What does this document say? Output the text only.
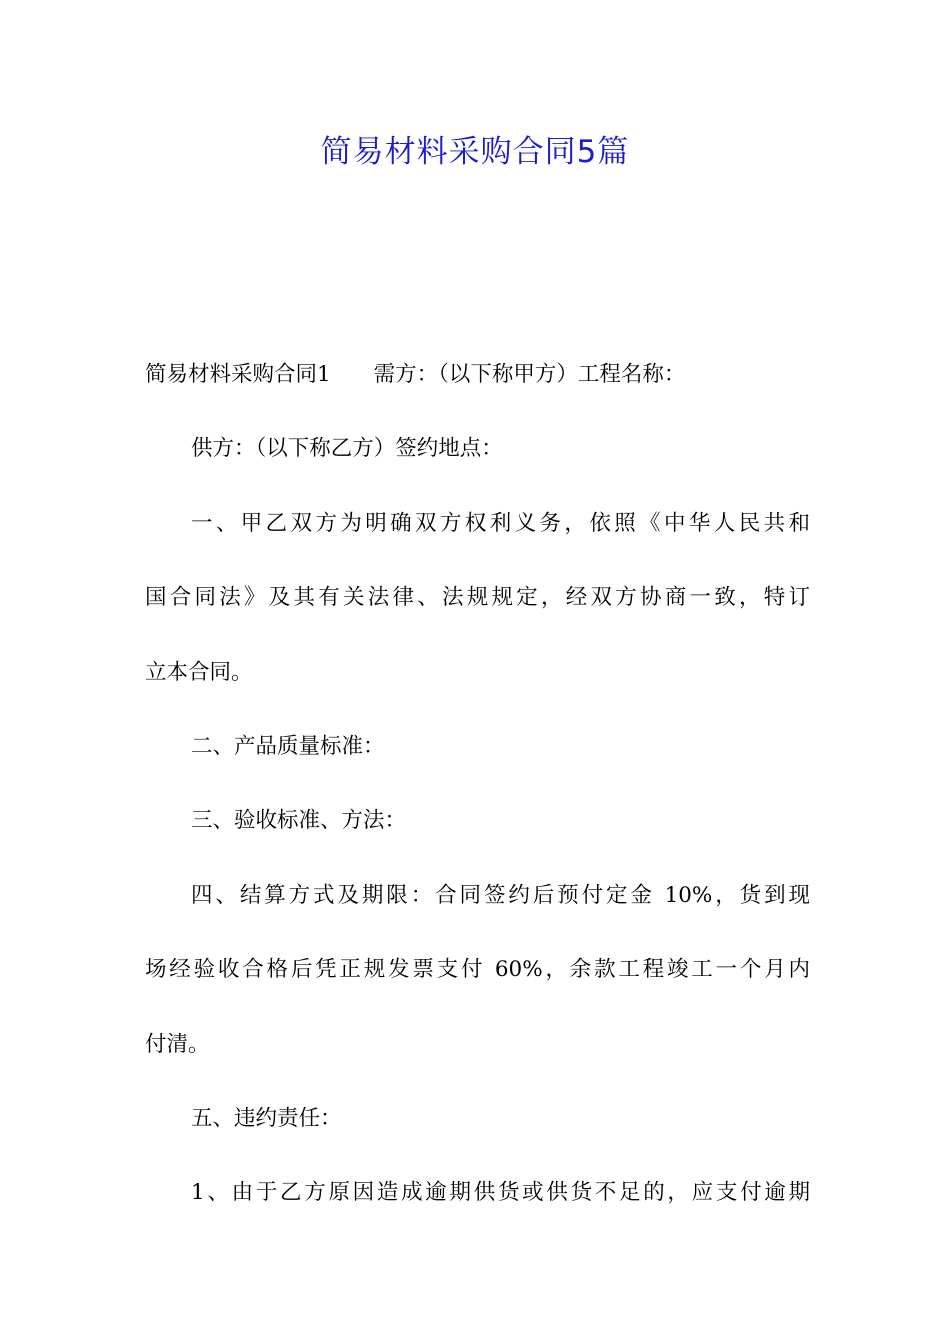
简易材料采购合同5篇
简易材料采购合同1　　需方：（以下称甲方）工程名称：
供方：（以下称乙方）签约地点：
一、甲乙双方为明确双方权利义务，依照《中华人民共和
国合同法》及其有关法律、法规规定，经双方协商一致，特订
立本合同。
二、产品质量标准：
三、验收标准、方法：
四、结算方式及期限：合同签约后预付定金 10%，货到现
场经验收合格后凭正规发票支付 60%，余款工程竣工一个月内
付清。
五、违约责任：
1、由于乙方原因造成逾期供货或供货不足的，应支付逾期
